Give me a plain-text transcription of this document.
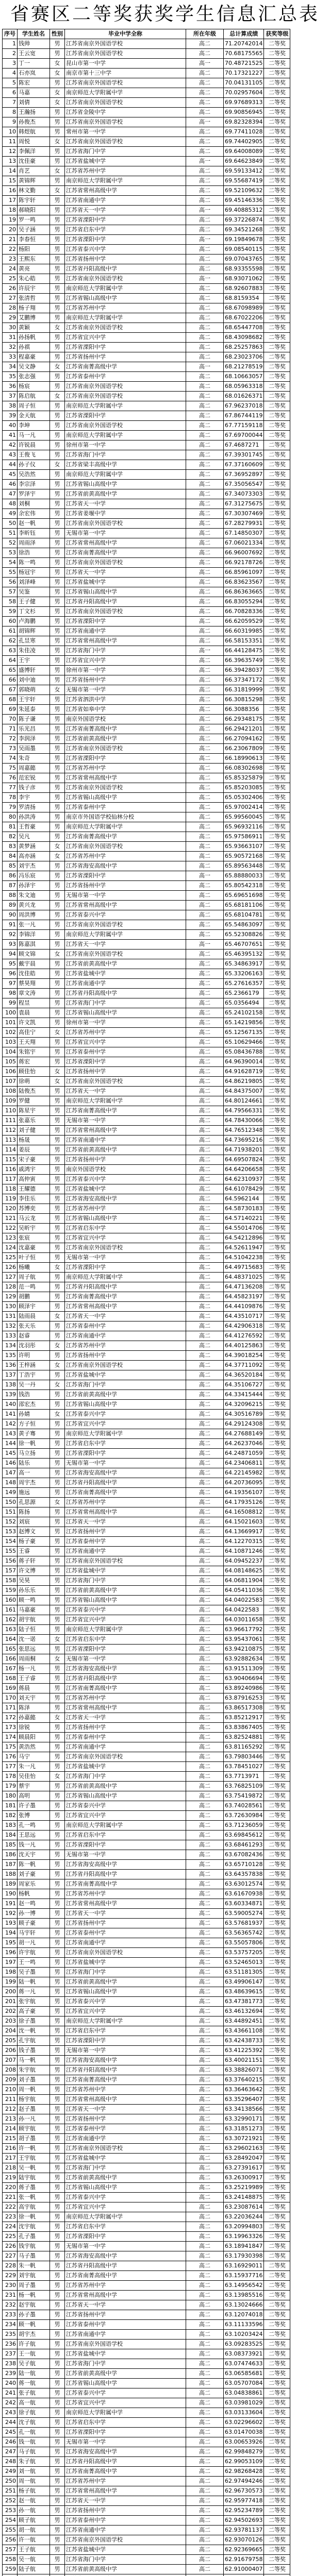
省赛区二等奖获奖学生信息汇总表
序号	学生姓名	性别	毕业中学全称	所在年级	总计算成绩	获奖等级
1	钱帅	男	江苏省南京外国语学校	高二	71.20742014	二等奖
2	王云宽	男	江苏省南京外国语学校	高二	70.68175565	二等奖
3	丁一	女	昆山市第一中学	高一	70.48721525	二等奖
4	石亦岚	女	南京市第十三中学	高二	70.17321227	二等奖
5	陈宏	男	江苏省南京外国语学校	高二	70.04131105	二等奖
6	马嘉	女	南京师范大学附属中学	高二	70.02957604	二等奖
7	刘倩	女	江苏省南京外国语学校	高二	69.97689313	二等奖
8	王瀚扬	男	江苏省金陵中学	高二	69.90856945	二等奖
9	孙俊杰	男	江苏省南京外国语学校	高一	69.82328394	二等奖
10	韩煜航	男	常州市第一中学	高二	69.77411028	二等奖
11	周悦	女	江苏省南京外国语学校	高二	69.74402905	二等奖
12	李佩洋	男	江苏省海门中学	高二	69.64008089	二等奖
13	沈佳豪	男	江苏省盐城中学	高一	69.64623849	二等奖
14	肖艺	女	江苏省苏州中学	高二	69.59133412	二等奖
15	黄锦辉	男	南京师范大学附属中学	高二	69.55687419	二等奖
16	林文勤	女	江苏省常州高级中学	高二	69.52109632	二等奖
17	陈宇轩	男	江苏省南通中学	高二	69.45146336	二等奖
18	郝晓阳	男	江苏省天一中学	高一	69.40885312	二等奖
19	罗一鸣	男	江苏省溧阳中学	高二	69.37226874	二等奖
20	吴子涵	男	江苏省启东中学	高二	69.34521268	二等奖
21	李春恒	男	江苏省溧阳中学	高一	69.19849678	二等奖
22	杨阳	男	江苏省泰兴中学	高二	69.08540115	二等奖
23	王熙东	男	江苏省扬州中学	高二	69.07043765	二等奖
24	黄亮	男	江苏省丹阳高级中学	高二	68.93355598	二等奖
25	朱心皓	男	江苏省南京外国语学校	高一	68.93071062	二等奖
26	许辰宇	男	南京师范大学附属中学	高二	68.92607883	二等奖
27	张清哲	男	江苏省锡山高级中学	高二	68.8159354	二等奖
28	杨子翔	男	江苏省苏州中学	高二	68.67098989	二等奖
29	艾鹏博	男	南京师范大学附属中学	高二	68.67022206	二等奖
30	黄颖	女	江苏省南京外国语学校	高二	68.65447708	二等奖
31	孙扬帆	男	江苏省宜兴中学	高二	68.43098682	二等奖
32	孙祺	男	江苏省溧阳中学	高二	68.25257863	二等奖
33	程嘉豪	男	江苏省扬州中学	高二	68.23023706	二等奖
34	吴文静	女	江苏省南菁高级中学	高一	68.21278519	二等奖
35	张志强	男	江苏省泰州中学	高二	68.10663057	二等奖
36	杨宸	男	江苏省南京外国语学校	高二	68.05963318	二等奖
37	陈启航	女	江苏省南京外国语学校	高二	68.01626371	二等奖
38	周子恒	男	南京师范大学附属中学	高二	67.96237018	二等奖
39	金天航	男	江苏省溧阳中学	高二	67.86744119	二等奖
40	李坤	男	江苏省南京外国语学校	高二	67.77159118	二等奖
41	马一凡	男	南京师范大学附属中学	高二	67.69700044	二等奖
42	许锐晨	男	徐州市第一中学	高二	67.4687271	二等奖
43	王俊飞	男	江苏省海门中学	高二	67.39301745	二等奖
44	孙子仪	女	江苏省梁丰高级中学	高二	67.37160609	二等奖
45	吴浩然	男	南京师范大学附属中学	高二	67.36952897	二等奖
46	李宗泽	男	江苏省锡山高级中学	高二	67.35056547	二等奖
47	罗泽宇	男	江苏省前黄高级中学	高二	67.34073303	二等奖
48	刘桐	男	江苏省天一中学	高二	67.31275675	二等奖
49	余宏伟	男	江苏省姜堰中学	高二	67.30307469	二等奖
50	赵一帆	男	江苏省南京外国语学校	高二	67.28279931	二等奖
51	李昕钰	男	无锡市第一中学	高二	67.14850307	二等奖
52	周雨泽	男	江苏省常州高级中学	高二	67.06021334	二等奖
53	徐浩	男	江苏省南菁高级中学	高二	66.96007692	二等奖
54	陈一鸣	男	江苏省南京外国语学校	高二	66.92178726	二等奖
55	杨冠宇	男	江苏省天一中学	高二	66.85961097	二等奖
56	刘泽峰	男	江苏省盐城中学	高二	66.83623567	二等奖
57	吴鉴	男	江苏省锡山高级中学	高二	66.86363665	二等奖
58	王子健	男	江苏省丹阳高级中学	高二	66.83055294	二等奖
59	丁文杉	男	江苏省南京外国语学校	高二	66.70828336	二等奖
60	卢海鹏	男	江苏省溧阳中学	高二	66.62059529	二等奖
61	胡锦辉	男	江苏省南通中学	高二	66.60319985	二等奖
62	孔昱寒	男	江苏省常州高级中学	高二	66.58153351	二等奖
63	朱佳凌	男	江苏省海门中学	高一	66.44128475	二等奖
64	王宇	男	江苏省宜兴中学	高二	66.39635749	二等奖
65	盛博轩	男	徐州市第一中学	高二	66.39428037	二等奖
66	刘中迪	男	江苏省扬州中学	高二	66.37347172	二等奖
67	郭晓萌	女	无锡市第一中学	高二	66.31819999	二等奖
68	王宇轩	男	江苏省泗洪中学	高二	66.30815298	二等奖
69	朱延泰	男	江苏省如皋中学	高二	66.3088356	二等奖
70	陈子谦	男	南京外国语学校	高二	66.29348175	二等奖
71	乐光昌	男	江苏省南菁高级中学	高二	66.29421201	二等奖
72	李润泽	男	江苏省前黄高级中学	高二	66.27094162	二等奖
73	吴雨墨	男	江苏省南京外国语学校	高二	66.23067809	二等奖
74	朱奇	男	江苏省溧阳中学	高二	66.18990613	二等奖
75	周嘉懿	男	江苏省苏州中学	高二	66.08302698	二等奖
76	范宏锐	男	江苏省常州高级中学	高二	65.85325879	二等奖
77	钱子彦	男	江苏省南京外国语学校	高二	65.85203085	二等奖
78	李宇	男	江苏省锡山高级中学	高二	65.05302406	二等奖
79	罗清扬	男	江苏省泰州中学	高二	65.97002414	二等奖
80	孙洪涛	男	南京市外国语学校仙林分校	高二	65.99560045	二等奖
81	王哲豪	男	南京师范大学附属中学	高二	65.96932116	二等奖
82	吴凡	男	江苏省南菁高级中学	高二	65.97586911	二等奖
83	黄梦涵	女	江苏省南京外国语学校	高二	65.93663107	二等奖
84	高亦涵	女	江苏省苏州中学	高二	65.90572168	二等奖
85	刘宇杰	男	江苏省海安高级中学	高二	65.89563448	二等奖
86	冯乐宸	男	江苏省溧阳中学	高一	65.88880033	二等奖
87	孙泽宇	男	江苏省扬州中学	高二	65.80542318	二等奖
88	朱文迪	男	无锡市第一中学	高二	65.69651698	二等奖
89	黄兴龙	男	江苏省常州高级中学	高二	65.68181106	二等奖
90	周洪博	男	江苏省泰兴中学	高二	65.68104781	二等奖
91	张一凡	男	江苏省南京外国语学校	高二	65.54863097	二等奖
92	李锦洋	男	南京师范大学附属中学	高二	65.52308826	二等奖
93	陈嘉淇	男	江苏省天一中学	高一	65.46707651	二等奖
94	顾文锦	女	江苏省南京外国语学校	高二	65.46395132	二等奖
95	戴宇晨	男	江苏省前黄高级中学	高二	65.34863917	二等奖
96	沈佳皓	男	江苏省盐城中学	高二	65.33206163	二等奖
97	蔡昊翔	男	江苏省南通中学	高二	65.27616357	二等奖
98	章文涛	男	江苏省丹阳高级中学	高二	65.2366179	二等奖
99	程昱	男	江苏省海门中学	高二	65.0356494	二等奖
100	袁晨	男	江苏省锡山高级中学	高二	65.24102158	二等奖
101	许文凯	男	徐州市第一中学	高二	65.14219856	二等奖
102	高佳宁	女	江苏省苏州中学	高二	65.12567135	二等奖
103	王天翔	男	江苏省宜兴中学	高二	65.10629466	二等奖
104	朱铭宇	男	江苏省泰州中学	高二	65.08436788	二等奖
105	蒋宏	男	江苏省溧阳中学	高二	64.96390014	二等奖
106	顾佳怡	女	江苏省扬州中学	高二	64.91628719	二等奖
107	徐萌	女	江苏省南京外国语学校	高二	64.86219805	二等奖
108	陆俊杰	男	江苏省天一中学	高二	64.84375007	二等奖
109	罗健	男	南京师范大学附属中学	高二	64.80124661	二等奖
110	陈星宇	男	江苏省南菁高级中学	高二	64.79566331	二等奖
111	张嘉乐	男	无锡市第一中学	高二	64.78430066	二等奖
112	刘子健	男	江苏省常州高级中学	高二	64.76512348	二等奖
113	杨晟	男	江苏省南通中学	高二	64.73695216	二等奖
114	姜辰	男	江苏省前黄高级中学	高二	64.71938201	二等奖
115	宋子豪	男	江苏省扬州中学	高二	64.69507824	二等奖
116	戚鸿宇	男	南京外国语学校	高二	64.64206658	二等奖
117	高仲寅	男	江苏省泰兴中学	高二	64.62310937	二等奖
118	王耀德	男	江苏省盐城中学	高二	64.61078429	二等奖
119	李佳乐	男	江苏省海安高级中学	高二	64.5962144	二等奖
120	苏博奕	男	江苏省苏州中学	高二	64.58730183	二等奖
121	马云龙	男	江苏省锡山高级中学	高二	64.57140221	二等奖
122	吴昕宇	男	江苏省启东中学	高二	64.55014706	二等奖
123	张宸	男	江苏省宜兴中学	高二	64.54212896	二等奖
124	沈嘉豪	男	江苏省南京外国语学校	高二	64.52611947	二等奖
125	叶子恒	男	无锡市第一中学	高二	64.51042238	二等奖
126	杨曦	女	江苏省溧阳中学	高二	64.49715683	二等奖
127	周子航	男	南京师范大学附属中学	高二	64.48371025	二等奖
128	范一鸣	男	江苏省丹阳高级中学	高二	64.47136208	二等奖
129	胡鹏	男	江苏省南菁高级中学	高二	64.45823197	二等奖
130	顾泽宇	男	江苏省常州高级中学	高二	64.44109876	二等奖
131	陆雨晨	女	江苏省天一中学	高二	64.43510717	二等奖
132	张天乐	男	江苏省泰州中学	高二	64.42906318	二等奖
133	赵睿	男	江苏省南通中学	高二	64.41276592	二等奖
134	沈羽彤	女	江苏省苏州中学	高二	64.40125863	二等奖
135	许明	男	江苏省扬州中学	高二	64.39018254	二等奖
136	王梓涵	女	江苏省南京外国语学校	高二	64.37711092	二等奖
137	丁浩宇	男	江苏省盐城中学	高二	64.36520184	二等奖
138	吴一丹	女	江苏省海门中学	高二	64.35106727	二等奖
139	钱浩	男	江苏省前黄高级中学	高二	64.33415444	二等奖
140	邵宏杰	男	江苏省锡山高级中学	高二	64.32096215	二等奖
141	孙婧	女	江苏省泰兴中学	高二	64.30516789	二等奖
142	方子恒	男	江苏省宜兴中学	高二	64.29124308	二等奖
143	黄子骞	男	南京师范大学附属中学	高二	64.27688149	二等奖
144	徐一帆	男	江苏省启东中学	高二	64.26237046	二等奖
145	马立扬	男	江苏省溧阳中学	高二	64.24871059	二等奖
146	陆乐	男	无锡市第一中学	高二	64.23406811	二等奖
147	高一	男	江苏省海安高级中学	高二	64.22145982	二等奖
148	周宇杰	男	江苏省丹阳高级中学	高二	64.20736095	二等奖
149	施远	男	江苏省南菁高级中学	高二	64.19356107	二等奖
150	孔思源	女	江苏省苏州中学	高二	64.17935126	二等奖
151	陈扬	男	江苏省常州高级中学	高二	64.16508812	二等奖
152	刘宸	男	江苏省天一中学	高二	64.15021603	二等奖
153	赵博文	男	江苏省扬州中学	高二	64.13669917	二等奖
154	杨子豪	男	江苏省泰州中学	高二	64.12270315	二等奖
155	王睿	男	江苏省南通中学	高二	64.10871246	二等奖
156	蒋子轩	男	江苏省南京外国语学校	高二	64.09452237	二等奖
157	许文博	男	江苏省盐城中学	高二	64.08148625	二等奖
158	吴昊	男	江苏省海门中学	高二	64.06811904	二等奖
159	孙乐乐	男	江苏省前黄高级中学	高二	64.05411036	二等奖
160	顾一鸣	男	江苏省锡山高级中学	高二	64.04022583	二等奖
161	马嘉豪	男	江苏省泰兴中学	高二	64.0422583	二等奖
162	胡宇航	男	江苏省宜兴中学	高二	64.03011658	二等奖
163	陆子恒	男	南京师范大学附属中学	高二	63.96617792	二等奖
164	沈一诺	女	江苏省启东中学	高二	63.95437061	二等奖
165	张思远	男	江苏省溧阳中学	高二	63.94210875	二等奖
166	周雨桐	女	无锡市第一中学	高二	63.92882634	二等奖
167	杨一凡	男	江苏省海安高级中学	高二	63.91511309	二等奖
168	王子睿	男	江苏省丹阳高级中学	高二	63.90406694	二等奖
169	蒋晨	男	江苏省南菁高级中学	高二	63.89240986	二等奖
170	刘天宇	男	江苏省苏州中学	高二	63.87916253	二等奖
171	陈泽	男	江苏省常州高级中学	高二	63.86517308	二等奖
172	孙嘉懿	女	江苏省天一中学	高二	63.85212917	二等奖
173	徐锐	男	江苏省扬州中学	高二	63.83867405	二等奖
174	顾晨阳	男	江苏省泰州中学	高二	63.82524881	二等奖
175	黄浩然	男	江苏省南通中学	高二	63.81165292	二等奖
176	马宁	男	江苏省南京外国语学校	高二	63.79803446	二等奖
177	朱一凡	男	江苏省盐城中学	高二	63.78451027	二等奖
178	吴佳怡	女	江苏省海门中学	高二	63.7713971	二等奖
179	蔡宇	男	江苏省前黄高级中学	高二	63.76825109	二等奖
180	高明	男	江苏省锡山高级中学	高二	63.75419872	二等奖
181	许子墨	男	江苏省泰兴中学	高二	63.74028561	二等奖
182	张博	男	江苏省宜兴中学	高二	63.72630984	二等奖
183	孔一鸣	男	南京师范大学附属中学	高二	63.71236059	二等奖
184	王思远	男	江苏省启东中学	高二	63.69845612	二等奖
185	钱一凡	男	江苏省溧阳中学	高二	63.68461293	二等奖
186	沈天宇	男	无锡市第一中学	高二	63.67082436	二等奖
187	陈一帆	男	江苏省海安高级中学	高二	63.65710128	二等奖
188	刘子豪	男	江苏省丹阳高级中学	高二	63.64357838	二等奖
189	周家乐	男	江苏省南菁高级中学	高二	63.63012574	二等奖
190	杨帆	男	江苏省苏州中学	高二	63.61670938	二等奖
191	赵一鸣	男	江苏省常州高级中学	高二	63.60334871	二等奖
192	孙一博	男	江苏省天一中学	高二	63.59005274	二等奖
193	顾子豪	男	江苏省扬州中学	高二	63.57681937	二等奖
194	马宇轩	男	江苏省泰州中学	高二	63.56365742	二等奖
195	胡一凡	男	江苏省南通中学	高二	63.55057806	二等奖
196	许宇航	男	江苏省南京外国语学校	高二	63.53757205	二等奖
197	王一鸣	男	江苏省盐城中学	高二	63.52465013	二等奖
198	吴子墨	男	江苏省海门中学	高二	63.51181305	二等奖
199	陆一帆	男	江苏省前黄高级中学	高二	63.49906147	二等奖
200	蒋一凡	男	江苏省锡山高级中学	高二	63.48639615	二等奖
201	张宇航	男	江苏省泰兴中学	高二	63.47381773	二等奖
202	高子豪	男	江苏省宜兴中学	高二	63.46132694	二等奖
203	徐子墨	男	南京师范大学附属中学	高二	63.44892451	二等奖
204	沈一帆	男	江苏省启东中学	高二	63.43661108	二等奖
205	孔宇航	男	江苏省溧阳中学	高二	63.42438733	二等奖
206	钱子墨	男	无锡市第一中学	高二	63.41225392	二等奖
207	马一帆	男	江苏省海安高级中学	高二	63.40021151	二等奖
208	朱宇航	男	江苏省丹阳高级中学	高二	63.38826071	二等奖
209	刘子墨	男	江苏省南菁高级中学	高二	63.37640215	二等奖
210	周一帆	男	江苏省苏州中学	高二	63.36463642	二等奖
211	杨宇航	男	江苏省常州高级中学	高二	63.35296407	二等奖
212	赵子墨	男	江苏省天一中学	高二	63.34138566	二等奖
213	孙一凡	男	江苏省扬州中学	高二	63.32990171	二等奖
214	顾宇航	男	江苏省泰州中学	高二	63.31851273	二等奖
215	胡子墨	男	江苏省南通中学	高二	63.30721921	二等奖
216	许一帆	男	江苏省南京外国语学校	高二	63.29602163	二等奖
217	王宇航	男	江苏省盐城中学	高二	63.28492047	二等奖
218	吴一帆	男	江苏省海门中学	高二	63.27391617	二等奖
219	陆宇航	男	江苏省前黄高级中学	高二	63.26300917	二等奖
220	蒋子墨	男	江苏省锡山高级中学	高二	63.25219989	二等奖
221	张一帆	男	江苏省泰兴中学	高二	63.24148875	二等奖
222	高宇航	男	江苏省宜兴中学	高二	63.23087614	二等奖
223	徐一帆	男	南京师范大学附属中学	高二	63.22036244	二等奖
224	沈宇航	男	江苏省启东中学	高二	63.20994803	二等奖
225	孔子墨	男	江苏省溧阳中学	高二	63.19963326	二等奖
226	钱宇航	男	无锡市第一中学	高二	63.18941847	二等奖
227	马子墨	男	江苏省海安高级中学	高二	63.17930398	二等奖
228	朱一帆	男	江苏省丹阳高级中学	高二	63.16929011	二等奖
229	刘宇航	男	江苏省南菁高级中学	高二	63.15937716	二等奖
230	周子墨	男	江苏省苏州中学	高二	63.14956542	二等奖
231	杨一帆	男	江苏省常州高级中学	高二	63.13985516	二等奖
232	赵宇航	男	江苏省天一中学	高二	63.13024666	二等奖
233	孙子墨	男	江苏省扬州中学	高二	63.12074018	二等奖
234	顾一帆	男	江苏省泰州中学	高二	63.11133596	二等奖
235	胡宇杰	男	江苏省南通中学	高二	63.10203424	二等奖
236	许子航	男	江苏省南京外国语学校	高二	63.09283525	二等奖
237	王一航	男	江苏省盐城中学	高二	63.08373921	二等奖
238	吴子航	男	江苏省海门中学	高二	63.07474633	二等奖
239	陆一航	男	江苏省前黄高级中学	高二	63.06585681	二等奖
240	蒋一航	男	江苏省锡山高级中学	高二	63.05707084	二等奖
241	张子航	男	江苏省泰兴中学	高二	63.04838861	二等奖
242	高一航	男	江苏省宜兴中学	高二	63.03981029	二等奖
243	徐子航	男	南京师范大学附属中学	高二	63.03133604	二等奖
244	沈子航	男	江苏省启东中学	高二	63.02296602	二等奖
245	孔一航	男	江苏省溧阳中学	高二	63.01470038	二等奖
246	钱一航	男	无锡市第一中学	高二	63.00653926	二等奖
247	马子航	男	江苏省海安高级中学	高二	62.99848279	二等奖
248	朱子航	男	江苏省丹阳高级中学	高二	62.99053109	二等奖
249	刘一航	男	江苏省南菁高级中学	高二	62.98268428	二等奖
250	周一航	男	江苏省苏州中学	高二	62.97494246	二等奖
251	杨子航	男	江苏省常州高级中学	高二	62.96730573	二等奖
252	赵一航	男	江苏省天一中学	高二	62.95977418	二等奖
253	孙一航	男	江苏省扬州中学	高二	62.95234789	二等奖
254	顾子航	男	江苏省泰州中学	高二	62.94502693	二等奖
255	胡一航	男	江苏省南通中学	高二	62.93781137	二等奖
256	许一航	男	江苏省南京外国语学校	高二	62.93070126	二等奖
257	王子航	男	江苏省盐城中学	高二	62.92369665	二等奖
258	吴一航	男	江苏省海门中学	高二	62.91679758	二等奖
259	陆子航	男	江苏省前黄高级中学	高二	62.91000407	二等奖
